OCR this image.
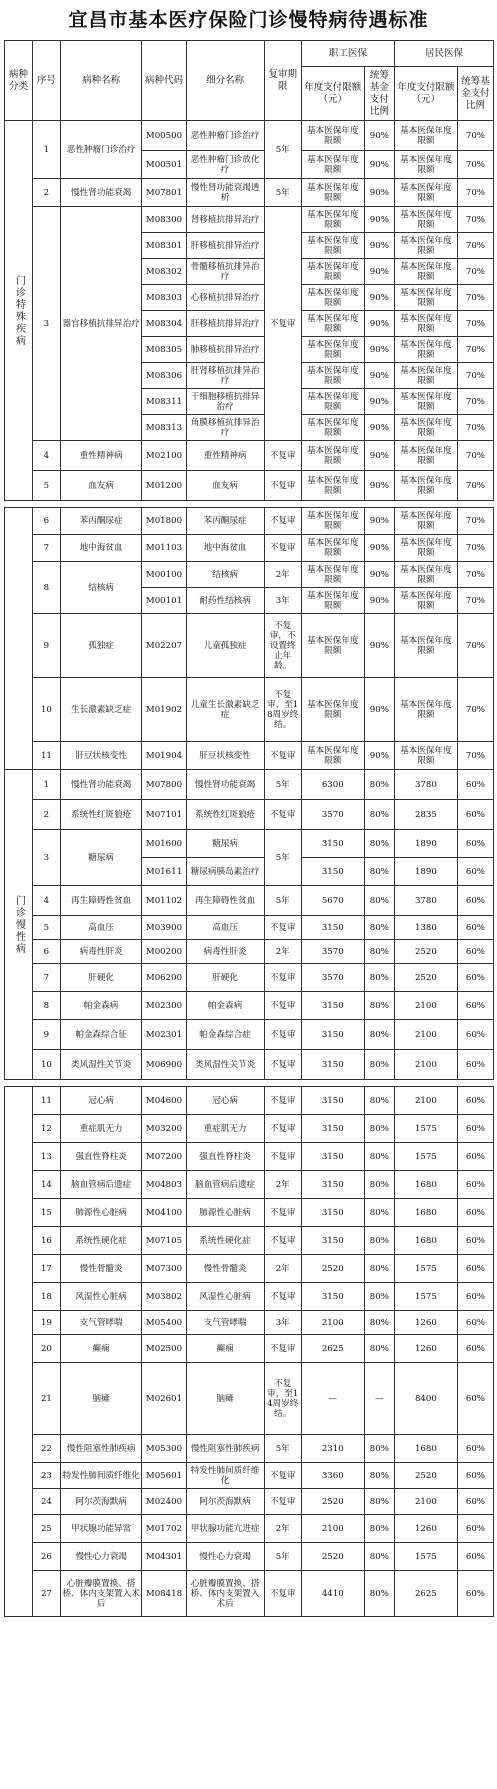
宜昌市基本医疗保险门诊慢特病待遇标准
病种分类	序号	病种名称	病种代码	细分名称	复审期限	职工医保		居民医保	
						年度支付限额（元）	统筹基金支付比例	年度支付限额（元）	统筹基金支付比例
门诊特殊疾病	1	恶性肿瘤门诊治疗	M00500	恶性肿瘤门诊治疗	5年	基本医保年度限额	90%	基本医保年度限额	70%
			M00501	恶性肿瘤门诊放化疗		基本医保年度限额	90%	基本医保年度限额	70%
	2	慢性肾功能衰竭	M07801	慢性肾功能衰竭透析	5年	基本医保年度限额	90%	基本医保年度限额	70%
	3	器官移植抗排异治疗	M08300	肾移植抗排异治疗	不复审	基本医保年度限额	90%	基本医保年度限额	70%
			M08301	肝移植抗排异治疗		基本医保年度限额	90%	基本医保年度限额	70%
			M08302	骨髓移植抗排异治疗		基本医保年度限额	90%	基本医保年度限额	70%
			M08303	心移植抗排异治疗		基本医保年度限额	90%	基本医保年度限额	70%
			M08304	肝移植抗排异治疗		基本医保年度限额	90%	基本医保年度限额	70%
			M08305	肺移植抗排异治疗		基本医保年度限额	90%	基本医保年度限额	70%
			M08306	肝肾移植抗排异治疗		基本医保年度限额	90%	基本医保年度限额	70%
			M08311	干细胞移植抗排异治疗		基本医保年度限额	90%	基本医保年度限额	70%
			M08313	角膜移植抗排异治疗		基本医保年度限额	90%	基本医保年度限额	70%
	4	重性精神病	M02100	重性精神病	不复审	基本医保年度限额	90%	基本医保年度限额	70%
	5	血友病	M01200	血友病	不复审	基本医保年度限额	90%	基本医保年度限额	70%

	6	苯丙酮尿症	M01800	苯丙酮尿症	不复审	基本医保年度限额	90%	基本医保年度限额	70%
	7	地中海贫血	M01103	地中海贫血	不复审	基本医保年度限额	90%	基本医保年度限额	70%
	8	结核病	M00100	结核病	2年	基本医保年度限额	90%	基本医保年度限额	70%
			M00101	耐药性结核病	3年	基本医保年度限额	90%	基本医保年度限额	70%
	9	孤独症	M02207	儿童孤独症	不复审，不设置终止年龄。	基本医保年度限额	90%	基本医保年度限额	70%
	10	生长激素缺乏症	M01902	儿童生长激素缺乏症	不复审，至18周岁终结。	基本医保年度限额	90%	基本医保年度限额	70%
	11	肝豆状核变性	M01904	肝豆状核变性	不复审	基本医保年度限额	90%	基本医保年度限额	70%
门诊慢性病	1	慢性肾功能衰竭	M07800	慢性肾功能衰竭	5年	6300	80%	3780	60%
	2	系统性红斑狼疮	M07101	系统性红斑狼疮	不复审	3570	80%	2835	60%
	3	糖尿病	M01600	糖尿病	5年	3150	80%	1890	60%
			M01611	糖尿病胰岛素治疗		3150	80%	1890	60%
	4	再生障碍性贫血	M01102	再生障碍性贫血	5年	5670	80%	3780	60%
	5	高血压	M03900	高血压	不复审	3150	80%	1380	60%
	6	病毒性肝炎	M00200	病毒性肝炎	2年	3570	80%	2520	60%
	7	肝硬化	M06200	肝硬化	不复审	3570	80%	2520	60%
	8	帕金森病	M02300	帕金森病	不复审	3150	80%	2100	60%
	9	帕金森综合征	M02301	帕金森综合症	不复审	3150	80%	2100	60%
	10	类风湿性关节炎	M06900	类风湿性关节炎	不复审	3150	80%	2100	60%

	11	冠心病	M04600	冠心病	不复审	3150	80%	2100	60%
	12	重症肌无力	M03200	重症肌无力	不复审	3150	80%	1575	60%
	13	强直性脊柱炎	M07200	强直性脊柱炎	不复审	3150	80%	1575	60%
	14	脑血管病后遗症	M04803	脑血管病后遗症	2年	3150	80%	1680	60%
	15	肺源性心脏病	M04100	肺源性心脏病	不复审	3150	80%	1680	60%
	16	系统性硬化症	M07105	系统性硬化症	不复审	3150	80%	1680	60%
	17	慢性骨髓炎	M07300	慢性骨髓炎	2年	2520	80%	1575	60%
	18	风湿性心脏病	M03802	风湿性心脏病	不复审	3150	80%	1575	60%
	19	支气管哮喘	M05400	支气管哮喘	3年	2100	80%	1260	60%
	20	癫痫	M02500	癫痫	不复审	2625	80%	1260	60%
	21	脑瘫	M02601	脑瘫	不复审，至14周岁终结。	—	—	8400	60%
	22	慢性阻塞性肺疾病	M05300	慢性阻塞性肺疾病	5年	2310	80%	1680	60%
	23	特发性肺间质纤维化	M05601	特发性肺间质纤维化	不复审	3360	80%	2520	60%
	24	阿尔茨海默病	M02400	阿尔茨海默病	不复审	2520	80%	2100	60%
	25	甲状腺功能异常	M01702	甲状腺功能亢进症	2年	2100	80%	1260	60%
	26	慢性心力衰竭	M04301	慢性心力衰竭	5年	2520	80%	1575	60%
	27	心脏瓣膜置换、搭桥、体内支架置入术后	M08418	心脏瓣膜置换、搭桥、体内支架置入术后	不复审	4410	80%	2625	60%
